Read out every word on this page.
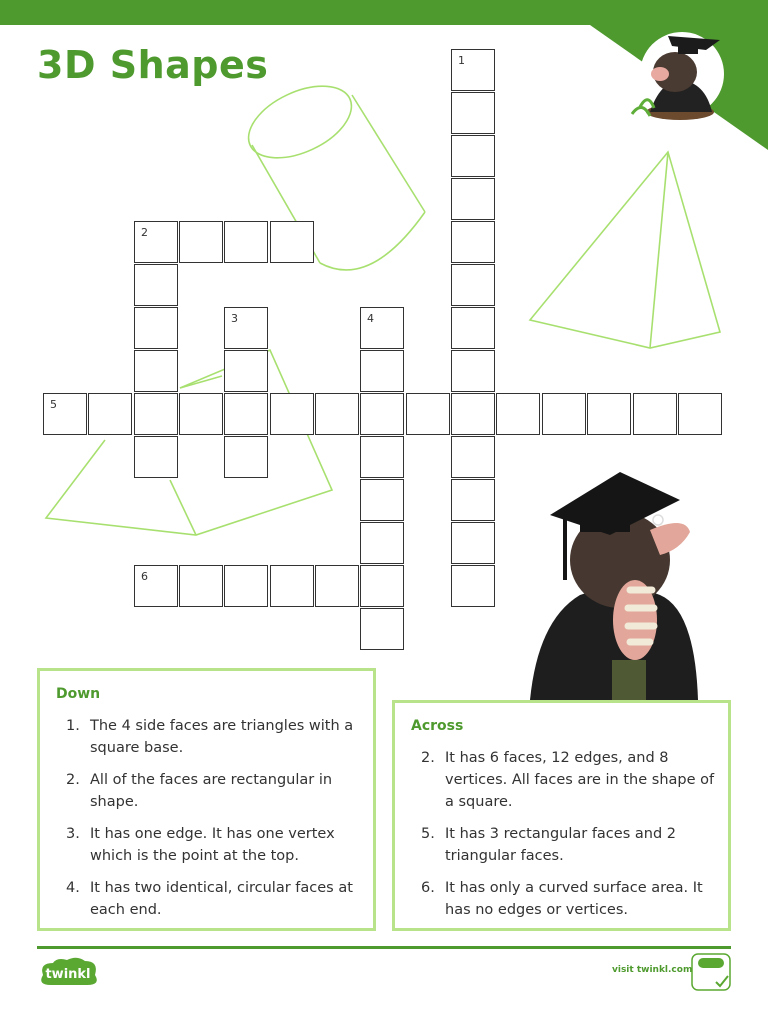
3D Shapes	1
2
3	4
5
6
Down
1. The 4 side faces are triangles with a square base.
2. All of the faces are rectangular in shape.
3. It has one edge. It has one vertex which is the point at the top.
4. It has two identical, circular faces at each end.
Across
2. It has 6 faces, 12 edges, and 8 vertices. All faces are in the shape of a square.
5. It has 3 rectangular faces and 2 triangular faces.
6. It has only a curved surface area. It has no edges or vertices.
twinkl	visit twinkl.com
